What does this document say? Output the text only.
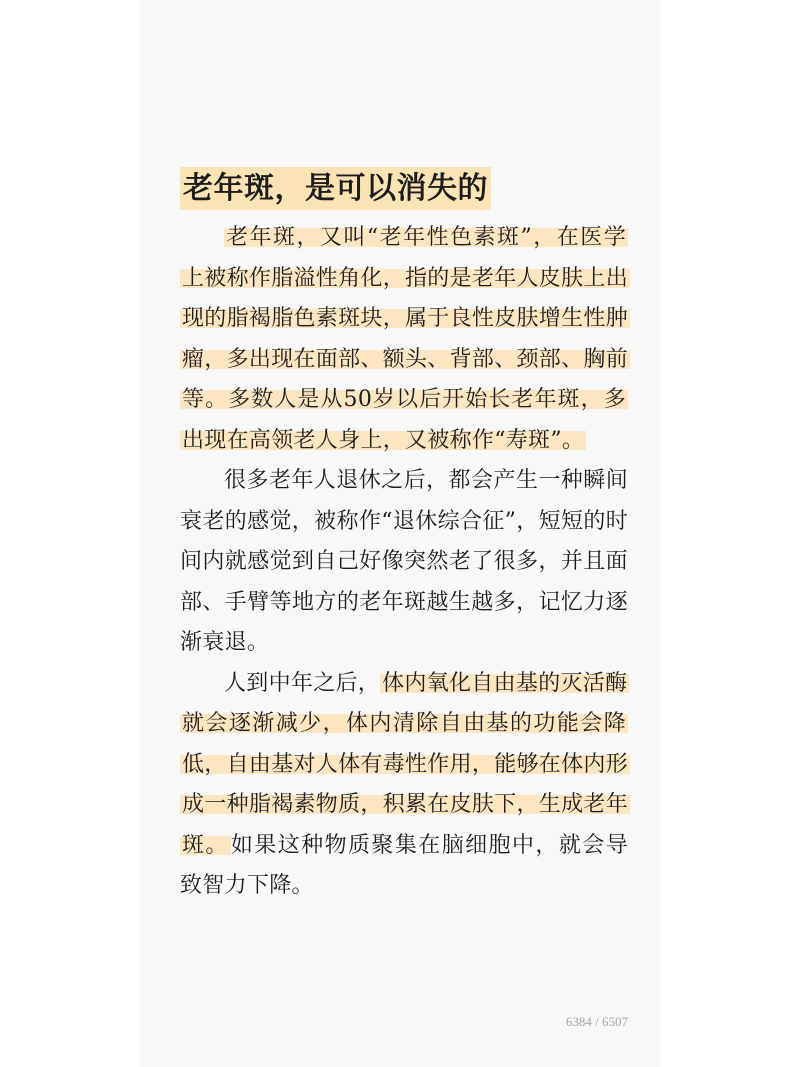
老年斑，是可以消失的

老年斑，又叫“老年性色素斑”，在医学上被称作脂溢性角化，指的是老年人皮肤上出现的脂褐脂色素斑块，属于良性皮肤增生性肿瘤，多出现在面部、额头、背部、颈部、胸前等。多数人是从50岁以后开始长老年斑，多出现在高领老人身上，又被称作“寿斑”。

很多老年人退休之后，都会产生一种瞬间衰老的感觉，被称作“退休综合征”，短短的时间内就感觉到自己好像突然老了很多，并且面部、手臂等地方的老年斑越生越多，记忆力逐渐衰退。

人到中年之后，体内氧化自由基的灭活酶就会逐渐减少，体内清除自由基的功能会降低，自由基对人体有毒性作用，能够在体内形成一种脂褐素物质，积累在皮肤下，生成老年斑。如果这种物质聚集在脑细胞中，就会导致智力下降。

6384 / 6507
